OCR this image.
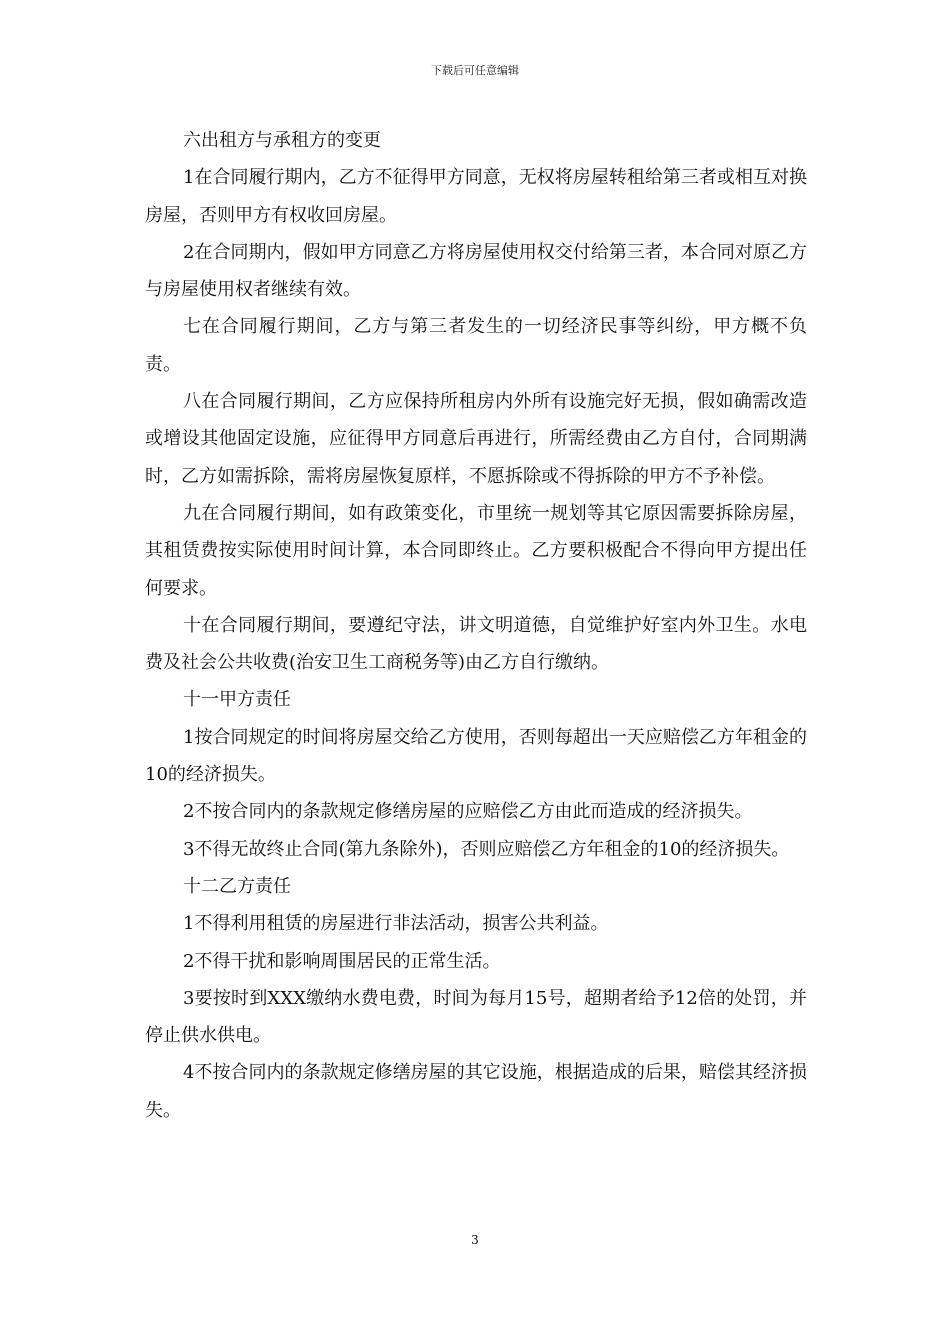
下载后可任意编辑

六出租方与承租方的变更

1在合同履行期内，乙方不征得甲方同意，无权将房屋转租给第三者或相互对换房屋，否则甲方有权收回房屋。

2在合同期内，假如甲方同意乙方将房屋使用权交付给第三者，本合同对原乙方与房屋使用权者继续有效。

七在合同履行期间，乙方与第三者发生的一切经济民事等纠纷，甲方概不负责。

八在合同履行期间，乙方应保持所租房内外所有设施完好无损，假如确需改造或增设其他固定设施，应征得甲方同意后再进行，所需经费由乙方自付，合同期满时，乙方如需拆除，需将房屋恢复原样，不愿拆除或不得拆除的甲方不予补偿。

九在合同履行期间，如有政策变化，市里统一规划等其它原因需要拆除房屋，其租赁费按实际使用时间计算，本合同即终止。乙方要积极配合不得向甲方提出任何要求。

十在合同履行期间，要遵纪守法，讲文明道德，自觉维护好室内外卫生。水电费及社会公共收费(治安卫生工商税务等)由乙方自行缴纳。

十一甲方责任

1按合同规定的时间将房屋交给乙方使用，否则每超出一天应赔偿乙方年租金的10的经济损失。

2不按合同内的条款规定修缮房屋的应赔偿乙方由此而造成的经济损失。

3不得无故终止合同(第九条除外)，否则应赔偿乙方年租金的10的经济损失。

十二乙方责任

1不得利用租赁的房屋进行非法活动，损害公共利益。

2不得干扰和影响周围居民的正常生活。

3要按时到XXX缴纳水费电费，时间为每月15号，超期者给予12倍的处罚，并停止供水供电。

4不按合同内的条款规定修缮房屋的其它设施，根据造成的后果，赔偿其经济损失。

3
